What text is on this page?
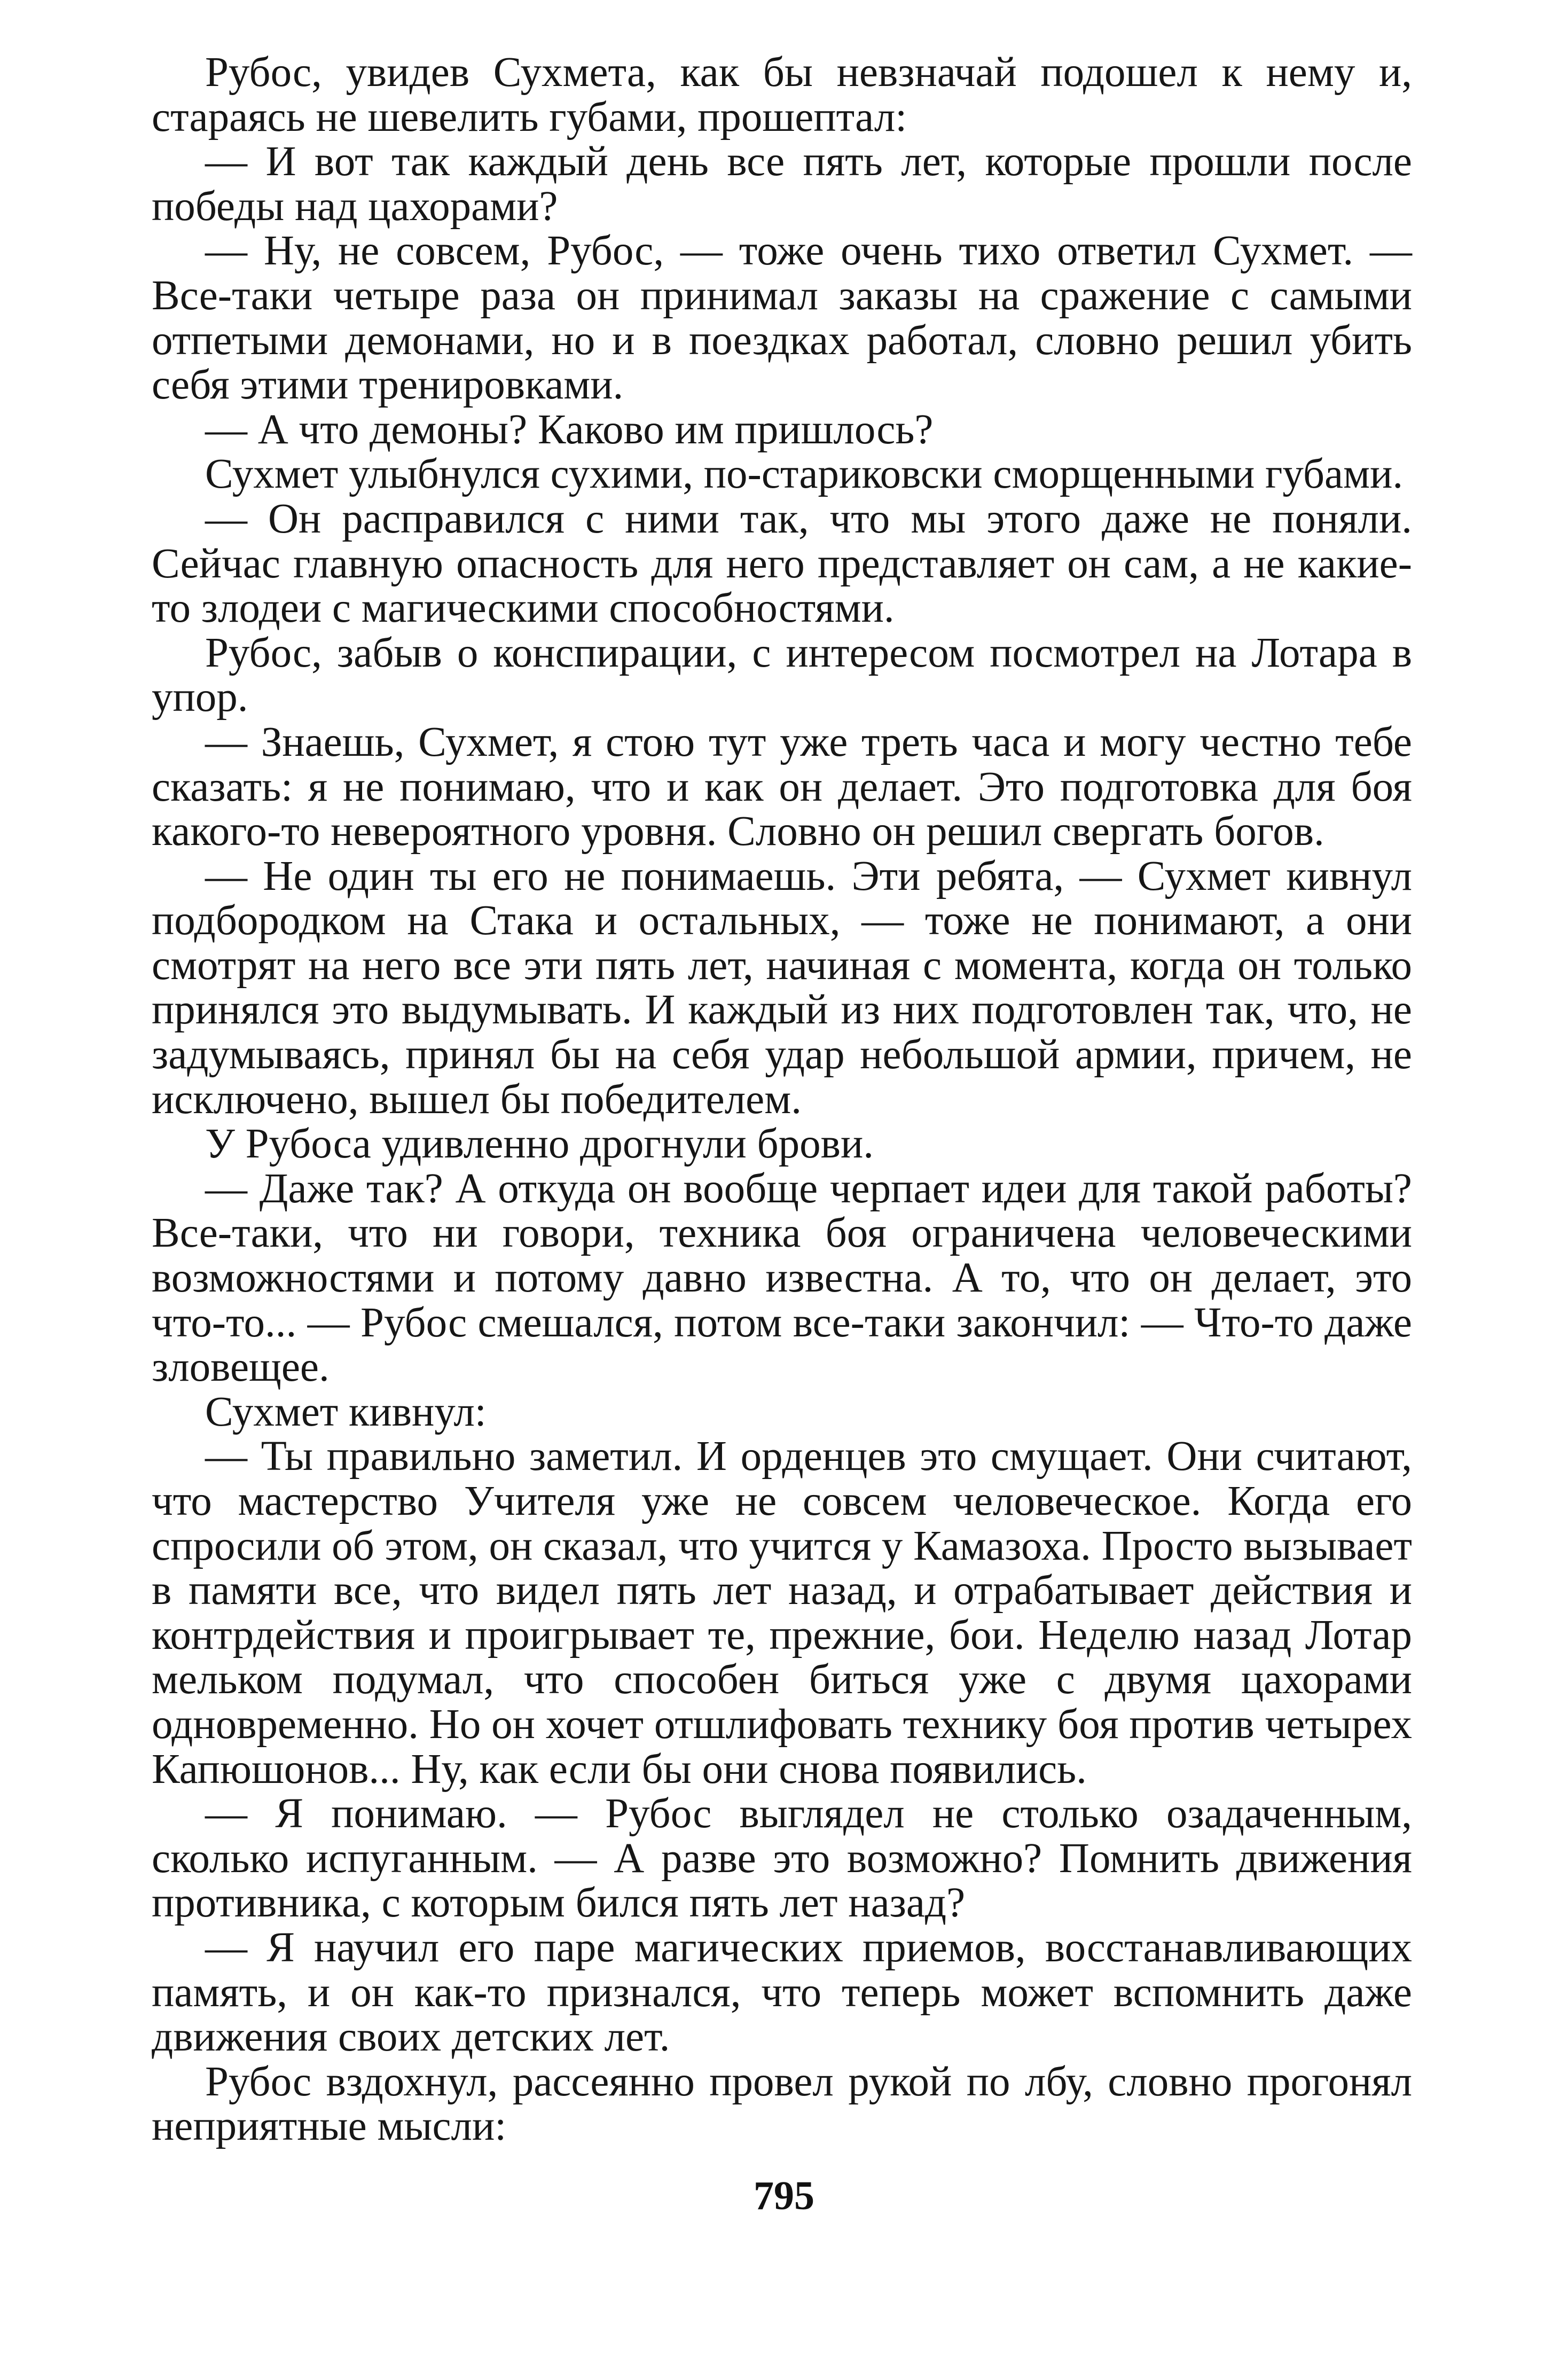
Рубос, увидев Сухмета, как бы невзначай подошел к нему и, стараясь не шевелить губами, прошептал:

— И вот так каждый день все пять лет, которые прошли после победы над цахорами?

— Ну, не совсем, Рубос, — тоже очень тихо ответил Сухмет. — Все-таки четыре раза он принимал заказы на сражение с самыми отпетыми демонами, но и в поездках работал, словно решил убить себя этими тренировками.

— А что демоны? Каково им пришлось?

Сухмет улыбнулся сухими, по-стариковски сморщенными губами.

— Он расправился с ними так, что мы этого даже не поняли. Сейчас главную опасность для него представляет он сам, а не какие-то злодеи с магическими способностями.

Рубос, забыв о конспирации, с интересом посмотрел на Лотара в упор.

— Знаешь, Сухмет, я стою тут уже треть часа и могу честно тебе сказать: я не понимаю, что и как он делает. Это подготовка для боя какого-то невероятного уровня. Словно он решил свергать богов.

— Не один ты его не понимаешь. Эти ребята, — Сухмет кивнул подбородком на Стака и остальных, — тоже не понимают, а они смотрят на него все эти пять лет, начиная с момента, когда он только принялся это выдумывать. И каждый из них подготовлен так, что, не задумываясь, принял бы на себя удар небольшой армии, причем, не исключено, вышел бы победителем.

У Рубоса удивленно дрогнули брови.

— Даже так? А откуда он вообще черпает идеи для такой работы? Все-таки, что ни говори, техника боя ограничена человеческими возможностями и потому давно известна. А то, что он делает, это что-то... — Рубос смешался, потом все-таки закончил: — Что-то даже зловещее.

Сухмет кивнул:

— Ты правильно заметил. И орденцев это смущает. Они считают, что мастерство Учителя уже не совсем человеческое. Когда его спросили об этом, он сказал, что учится у Камазоха. Просто вызывает в памяти все, что видел пять лет назад, и отрабатывает действия и контрдействия и проигрывает те, прежние, бои. Неделю назад Лотар мельком подумал, что способен биться уже с двумя цахорами одновременно. Но он хочет отшлифовать технику боя против четырех Капюшонов... Ну, как если бы они снова появились.

— Я понимаю. — Рубос выглядел не столько озадаченным, сколько испуганным. — А разве это возможно? Помнить движения противника, с которым бился пять лет назад?

— Я научил его паре магических приемов, восстанавливающих память, и он как-то признался, что теперь может вспомнить даже движения своих детских лет.

Рубос вздохнул, рассеянно провел рукой по лбу, словно прогонял неприятные мысли:

795
